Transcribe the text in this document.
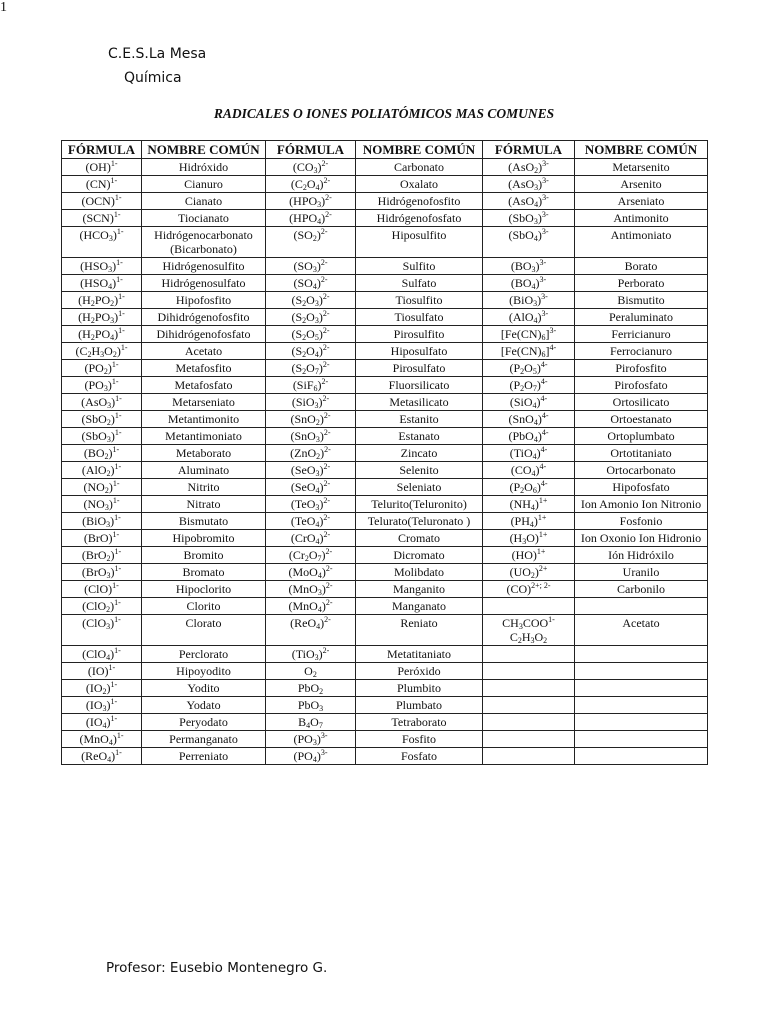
C.E.S.La Mesa
Química
1
RADICALES O IONES POLIATÓMICOS MAS COMUNES
FÓRMULA	NOMBRE COMÚN	FÓRMULA	NOMBRE COMÚN	FÓRMULA	NOMBRE COMÚN
(OH)$^{1-}$	Hidróxido	$(CO_3)^{2-}$	Carbonato	$(AsO_2)^{3-}$	Metarsenito
(CN)$^{1-}$	Cianuro	$(C_2O_4)^{2-}$	Oxalato	$(AsO_3)^{3-}$	Arsenito
(OCN)$^{1-}$	Cianato	$(HPO_3)^{2-}$	Hidrógenofosfito	$(AsO_4)^{3-}$	Arseniato
(SCN)$^{1-}$	Tiocianato	$(HPO_4)^{2-}$	Hidrógenofosfato	$(SbO_3)^{3-}$	Antimonito
$(HCO_3)^{1-}$	Hidrógenocarbonato (Bicarbonato)	$(SO_2)^{2-}$	Hiposulfito	$(SbO_4)^{3-}$	Antimoniato
$(HSO_3)^{1-}$	Hidrógenosulfito	$(SO_3)^{2-}$	Sulfito	$(BO_3)^{3-}$	Borato
$(HSO_4)^{1-}$	Hidrógenosulfato	$(SO_4)^{2-}$	Sulfato	$(BO_4)^{3-}$	Perborato
$(H_2PO_2)^{1-}$	Hipofosfito	$(S_2O_3)^{2-}$	Tiosulfito	$(BiO_3)^{3-}$	Bismutito
$(H_2PO_3)^{1-}$	Dihidrógenofosfito	$(S_2O_3)^{2-}$	Tiosulfato	$(AlO_4)^{3-}$	Peraluminato
$(H_2PO_4)^{1-}$	Dihidrógenofosfato	$(S_2O_5)^{2-}$	Pirosulfito	$[Fe(CN)_6]^{3-}$	Ferricianuro
$(C_2H_3O_2)^{1-}$	Acetato	$(S_2O_4)^{2-}$	Hiposulfato	$[Fe(CN)_6]^{4-}$	Ferrocianuro
$(PO_2)^{1-}$	Metafosfito	$(S_2O_7)^{2-}$	Pirosulfato	$(P_2O_5)^{4-}$	Pirofosfito
$(PO_3)^{1-}$	Metafosfato	$(SiF_6)^{2-}$	Fluorsilicato	$(P_2O_7)^{4-}$	Pirofosfato
$(AsO_3)^{1-}$	Metarseniato	$(SiO_3)^{2-}$	Metasilicato	$(SiO_4)^{4-}$	Ortosilicato
$(SbO_2)^{1-}$	Metantimonito	$(SnO_2)^{2-}$	Estanito	$(SnO_4)^{4-}$	Ortoestanato
$(SbO_3)^{1-}$	Metantimoniato	$(SnO_3)^{2-}$	Estanato	$(PbO_4)^{4-}$	Ortoplumbato
$(BO_2)^{1-}$	Metaborato	$(ZnO_2)^{2-}$	Zincato	$(TiO_4)^{4-}$	Ortotitaniato
$(AlO_2)^{1-}$	Aluminato	$(SeO_3)^{2-}$	Selenito	$(CO_4)^{4-}$	Ortocarbonato
$(NO_2)^{1-}$	Nitrito	$(SeO_4)^{2-}$	Seleniato	$(P_2O_6)^{4-}$	Hipofosfato
$(NO_3)^{1-}$	Nitrato	$(TeO_3)^{2-}$	Telurito(Teluronito)	$(NH_4)^{1+}$	Ion Amonio Ion Nitronio
$(BiO_3)^{1-}$	Bismutato	$(TeO_4)^{2-}$	Telurato(Teluronato )	$(PH_4)^{1+}$	Fosfonio
(BrO)$^{1-}$	Hipobromito	$(CrO_4)^{2-}$	Cromato	$(H_3O)^{1+}$	Ion Oxonio Ion Hidronio
$(BrO_2)^{1-}$	Bromito	$(Cr_2O_7)^{2-}$	Dicromato	(HO)$^{1+}$	Ión Hidróxilo
$(BrO_3)^{1-}$	Bromato	$(MoO_4)^{2-}$	Molibdato	$(UO_2)^{2+}$	Uranilo
(ClO)$^{1-}$	Hipoclorito	$(MnO_3)^{2-}$	Manganito	(CO)$^{2+; 2-}$	Carbonilo
$(ClO_2)^{1-}$	Clorito	$(MnO_4)^{2-}$	Manganato		
$(ClO_3)^{1-}$	Clorato	$(ReO_4)^{2-}$	Reniato	$CH_3COO^{1-}$ $C_2H_3O_2$	Acetato
$(ClO_4)^{1-}$	Perclorato	$(TiO_3)^{2-}$	Metatitaniato		
(IO)$^{1-}$	Hipoyodito	$O_2$	Peróxido		
$(IO_2)^{1-}$	Yodito	PbO$_2$	Plumbito		
$(IO_3)^{1-}$	Yodato	PbO$_3$	Plumbato		
$(IO_4)^{1-}$	Peryodato	$B_4O_7$	Tetraborato		
$(MnO_4)^{1-}$	Permanganato	$(PO_3)^{3-}$	Fosfito		
$(ReO_4)^{1-}$	Perreniato	$(PO_4)^{3-}$	Fosfato		
Profesor: Eusebio Montenegro G.
